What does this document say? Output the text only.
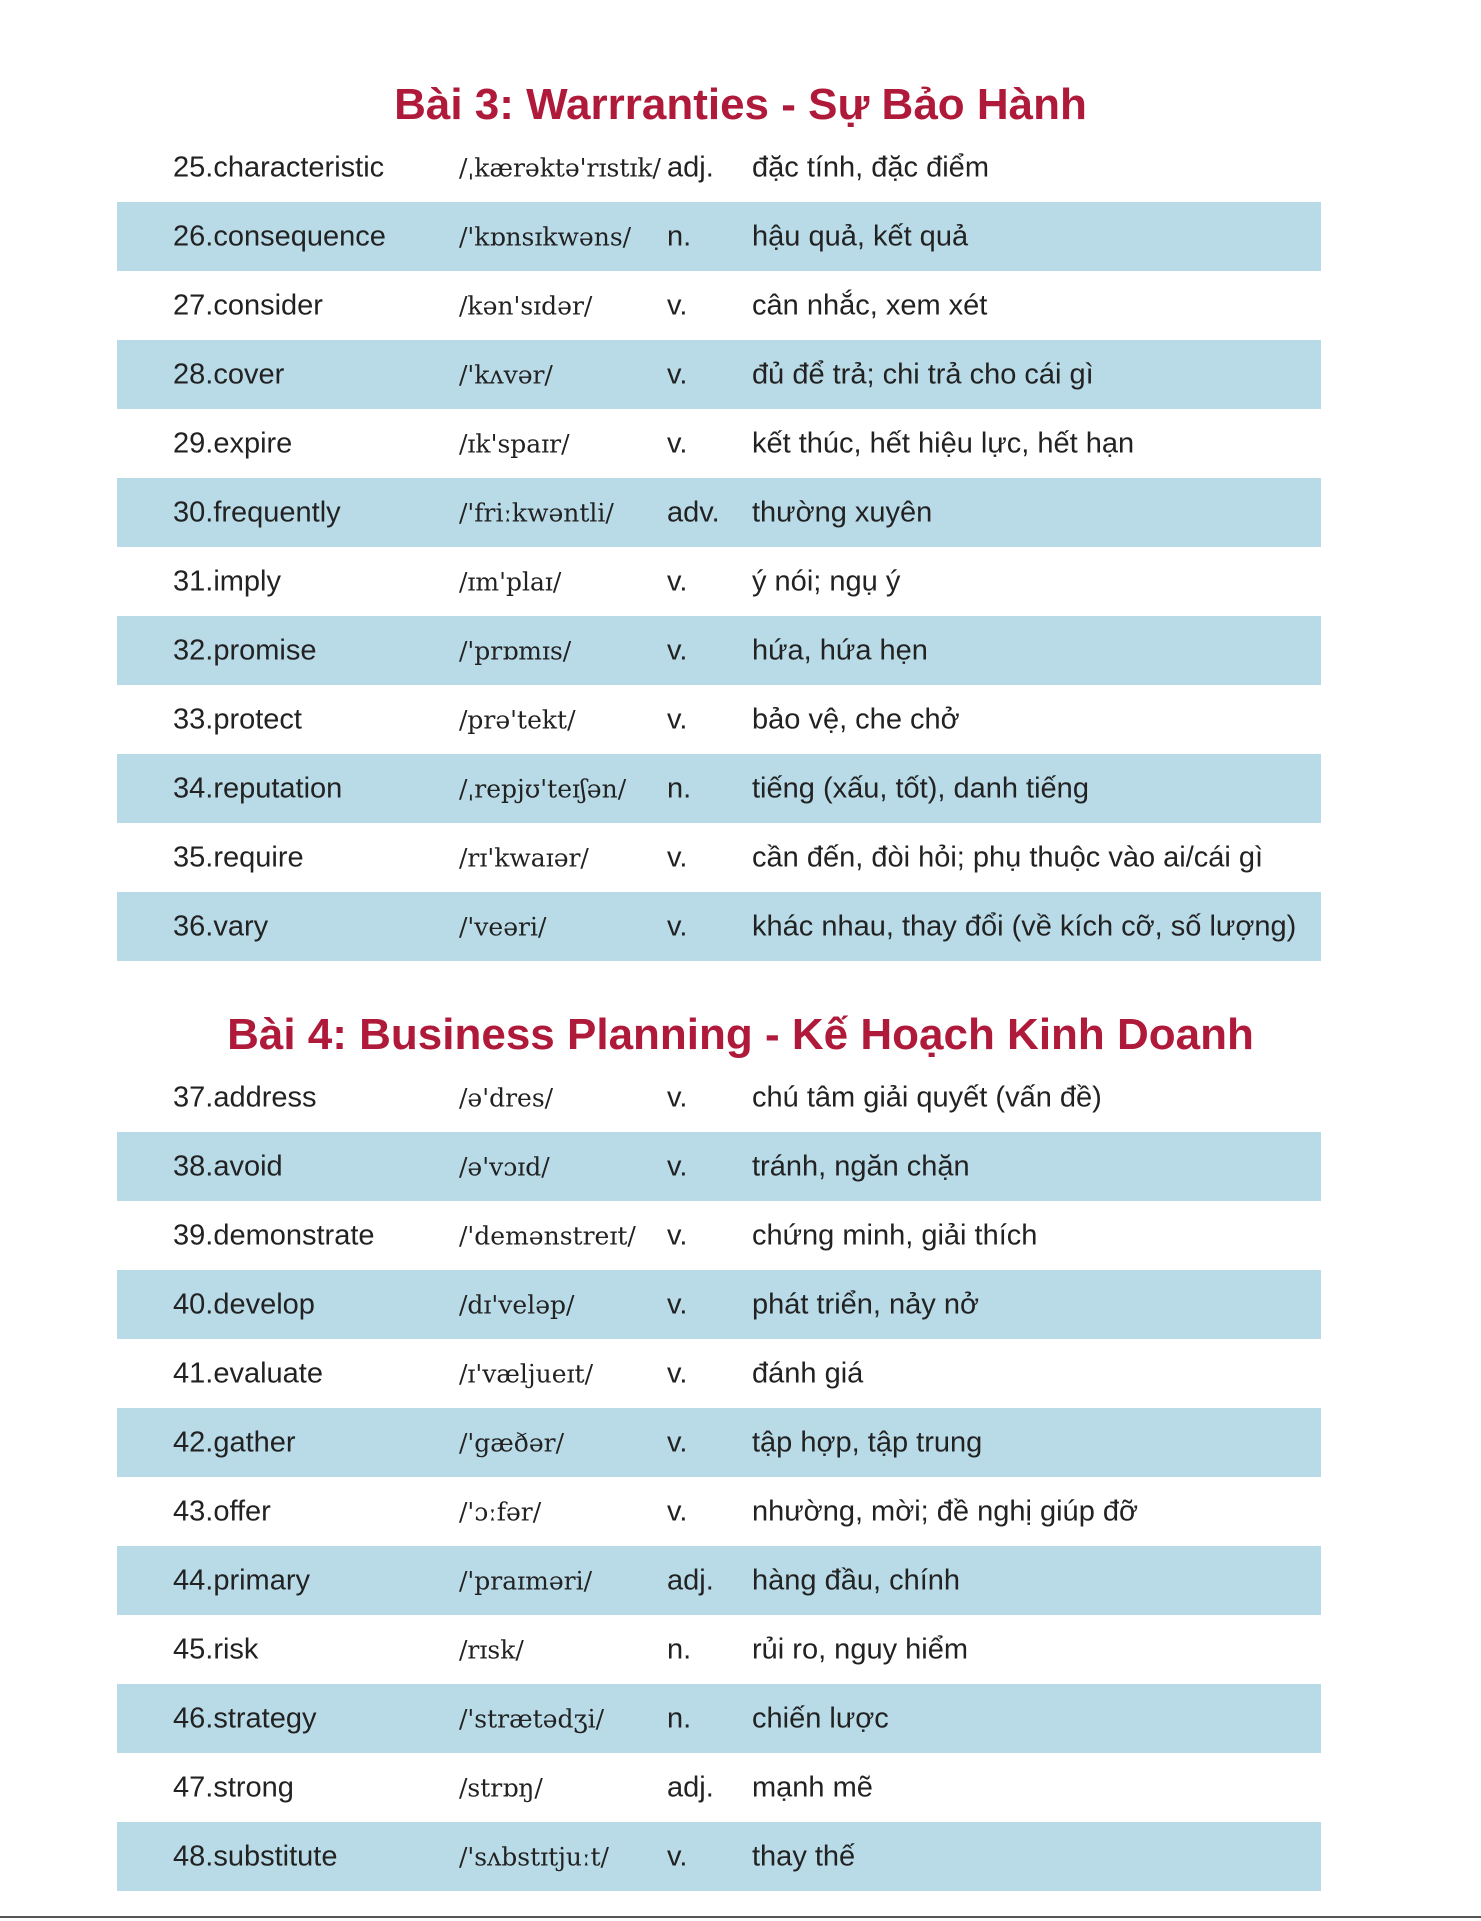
Bài 3: Warrranties - Sự Bảo Hành
25.characteristic	/ˌkærəktə'rɪstɪk/ adj. đặc tính, đặc điểm
26.consequence	/'kɒnsɪkwəns/ n. hậu quả, kết quả
27.consider	/kən'sɪdər/	v. cân nhắc, xem xét
28.cover	/'kʌvər/	v. đủ để trả; chi trả cho cái gì
29.expire	/ɪk'spaɪr/	v. kết thúc, hết hiệu lực, hết hạn
30.frequently	/'friːkwəntli/ adv. thường xuyên
31.imply	/ɪm'plaɪ/	v. ý nói; ngụ ý
32.promise	/'prɒmɪs/	v. hứa, hứa hẹn
33.protect	/prə'tekt/	v. bảo vệ, che chở
34.reputation	/ˌrepjʊ'teɪʃən/ n. tiếng (xấu, tốt), danh tiếng
35.require	/rɪ'kwaɪər/	v. cần đến, đòi hỏi; phụ thuộc vào ai/cái gì
36.vary	/'veəri/	v. khác nhau, thay đổi (về kích cỡ, số lượng)
Bài 4: Business Planning - Kế Hoạch Kinh Doanh
37.address	/ə'dres/	v. chú tâm giải quyết (vấn đề)
38.avoid	/ə'vɔɪd/	v. tránh, ngăn chặn
39.demonstrate	/'demənstreɪt/ v. chứng minh, giải thích
40.develop	/dɪ'veləp/	v. phát triển, nảy nở
41.evaluate	/ɪ'væljueɪt/	v. đánh giá
42.gather	/'gæðər/	v. tập hợp, tập trung
43.offer	/'ɔːfər/	v. nhường, mời; đề nghị giúp đỡ
44.primary	/'praɪməri/	adj. hàng đầu, chính
45.risk	/rɪsk/	n. rủi ro, nguy hiểm
46.strategy	/'strætədʒi/ n. chiến lược
47.strong	/strɒŋ/	adj. mạnh mẽ
48.substitute	/'sʌbstɪtjuːt/ v. thay thế
